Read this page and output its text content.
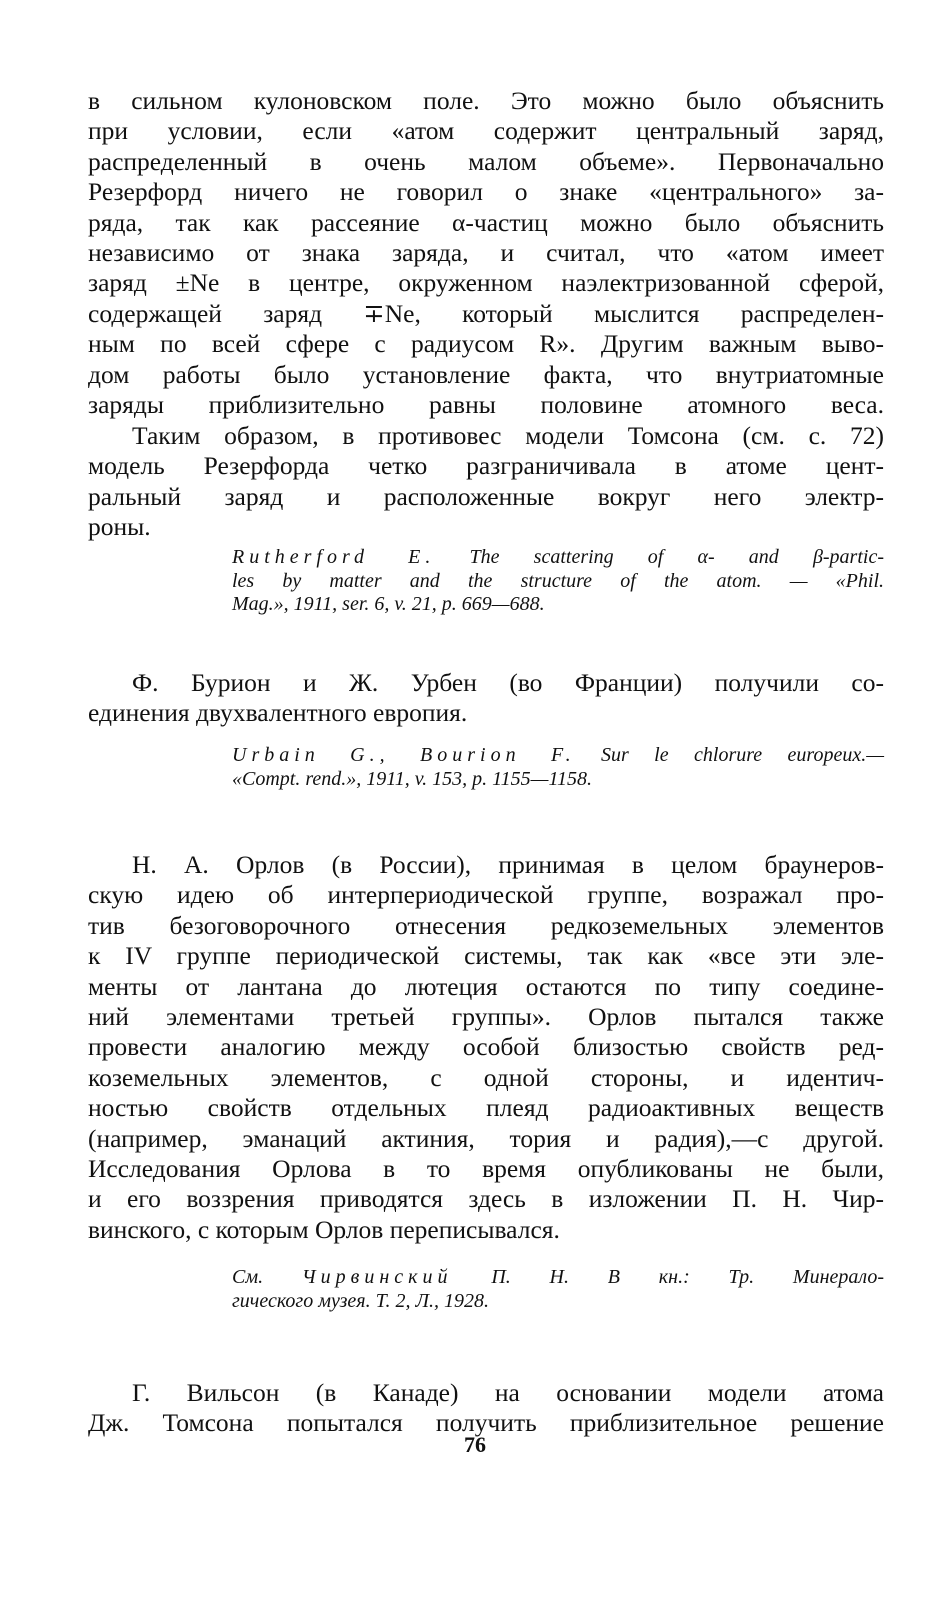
в сильном кулоновском поле. Это можно было объяснить
при условии, если «атом содержит центральный заряд,
распределенный в очень малом объеме». Первоначально
Резерфорд ничего не говорил о знаке «центрального» за-
ряда, так как рассеяние α-частиц можно было объяснить
независимо от знака заряда, и считал, что «атом имеет
заряд ±Ne в центре, окруженном наэлектризованной сферой,
содержащей заряд ∓Ne, который мыслится распределен-
ным по всей сфере с радиусом R». Другим важным выво-
дом работы было установление факта, что внутриатомные
заряды приблизительно равны половине атомного веса.

Таким образом, в противовес модели Томсона (см. с. 72)
модель Резерфорда четко разграничивала в атоме цент-
ральный заряд и расположенные вокруг него электр-
роны.

Rutherford E. The scattering of α- and β-partic-
les by matter and the structure of the atom. — «Phil.
Mag.», 1911, ser. 6, v. 21, p. 669—688.

Ф. Бурион и Ж. Урбен (во Франции) получили со-
единения двухвалентного европия.

Urbain G., Bourion F. Sur le chlorure europeux.—
«Compt. rend.», 1911, v. 153, p. 1155—1158.

Н. А. Орлов (в России), принимая в целом браунеров-
скую идею об интерпериодической группе, возражал про-
тив безоговорочного отнесения редкоземельных элементов
к IV группе периодической системы, так как «все эти эле-
менты от лантана до лютеция остаются по типу соедине-
ний элементами третьей группы». Орлов пытался также
провести аналогию между особой близостью свойств ред-
коземельных элементов, с одной стороны, и идентич-
ностью свойств отдельных плеяд радиоактивных веществ
(например, эманаций актиния, тория и радия),—с другой.
Исследования Орлова в то время опубликованы не были,
и его воззрения приводятся здесь в изложении П. Н. Чир-
винского, с которым Орлов переписывался.

См. Чирвинский П. Н. В кн.: Тр. Минерало-
гического музея. Т. 2, Л., 1928.

Г. Вильсон (в Канаде) на основании модели атома
Дж. Томсона попытался получить приблизительное решение

76
